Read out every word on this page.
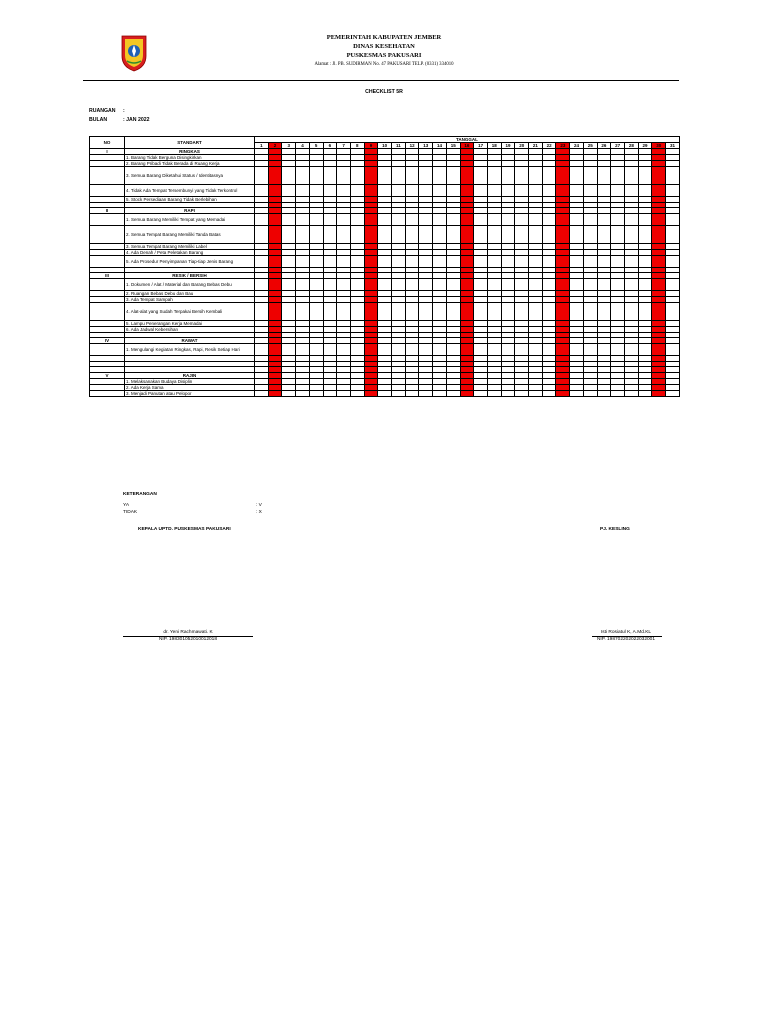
PEMERINTAH KABUPATEN JEMBER
DINAS KESEHATAN
PUSKESMAS PAKUSARI
Alamat : Jl. PB. SUDIRMAN No. 47 PAKUSARI TELP. (0331) 334010
CHECKLIST 5R
RUANGAN :
BULAN	: JAN 2022
NO	STANDART	TANGGAL																														
		1	2	3	4	5	6	7	8	9	10	11	12	13	14	15	16	17	18	19	20	21	22	23	24	25	26	27	28	29	30	31
I	RINGKAS																															
	1. Barang Tidak Berguna Disingkirkan																															
	2. Barang Pribadi Tidak Berada di Ruang Kerja																															
	3. Semua Barang Diketahui Status / Identitasnya																															
	4. Tidak Ada Tempat Tersembunyi yang Tidak Terkontrol																															
	5. Stock Persediaan Barang Tidak Berlebihan																															

II	RAPI																															
	1. Semua Barang Memiliki Tempat yang Memadai																															
	2. Semua Tempat Barang Memiliki Tanda Batas																															
	3. Semua Tempat Barang Memiliki Label																															
	4. Ada Denah / Peta Peletakan Barang																															
	5. Ada Prosedur Penyimpanan Tiap-tiap Jenis Barang																															

III	RESIK / BERSIH																															
	1. Dokumen / Alat / Material dan Barang Bebas Debu																															
	2. Ruangan Bebas Debu dan Bau																															
	3. Ada Tempat Sampah																															
	4. Alat-alat yang Sudah Terpakai Bersih Kembali																															
	5. Lampu Penerangan Kerja Memadai																															
	6. Ada Jadwal Kebersihan																															

IV	RAWAT																															
	1. Mengulangi Kegiatan Ringkas, Rapi, Resik Setiap Hari																															

V	RAJIN																															
	1. Melaksanakan Budaya Disiplin																															
	2. Ada Kerja Sama																															
	3. Menjadi Panutan atau Pelopor																															
KETERANGAN
YA	: V
TIDAK	: X
KEPALA UPTD. PUSKESMAS PAKUSARI	PJ. KESLING
dr. Yeni Rachmawati. K
NIP. 198301052010012018
Isti Rosiatul K, A.Md.KL
NIP. 198702202022032001
